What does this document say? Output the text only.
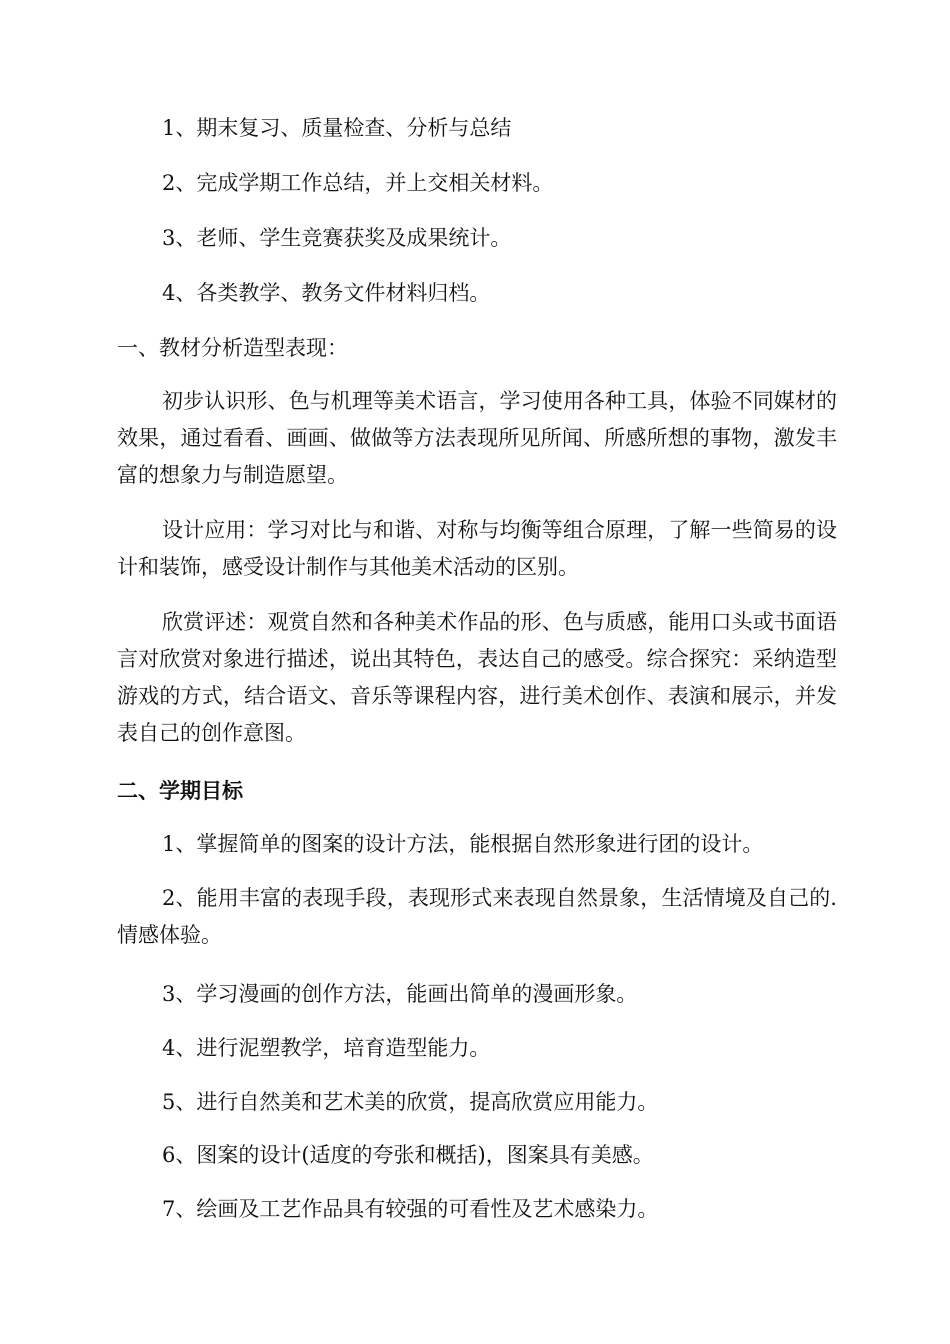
1、期末复习、质量检查、分析与总结
2、完成学期工作总结，并上交相关材料。
3、老师、学生竞赛获奖及成果统计。
4、各类教学、教务文件材料归档。
一、教材分析造型表现：
初步认识形、色与机理等美术语言，学习使用各种工具，体验不同媒材的效果，通过看看、画画、做做等方法表现所见所闻、所感所想的事物，激发丰富的想象力与制造愿望。
设计应用：学习对比与和谐、对称与均衡等组合原理，了解一些简易的设计和装饰，感受设计制作与其他美术活动的区别。
欣赏评述：观赏自然和各种美术作品的形、色与质感，能用口头或书面语言对欣赏对象进行描述，说出其特色，表达自己的感受。综合探究：采纳造型游戏的方式，结合语文、音乐等课程内容，进行美术创作、表演和展示，并发表自己的创作意图。
二、学期目标
1、掌握简单的图案的设计方法，能根据自然形象进行团的设计。
2、能用丰富的表现手段，表现形式来表现自然景象，生活情境及自己的.情感体验。
3、学习漫画的创作方法，能画出简单的漫画形象。
4、进行泥塑教学，培育造型能力。
5、进行自然美和艺术美的欣赏，提高欣赏应用能力。
6、图案的设计(适度的夸张和概括)，图案具有美感。
7、绘画及工艺作品具有较强的可看性及艺术感染力。
